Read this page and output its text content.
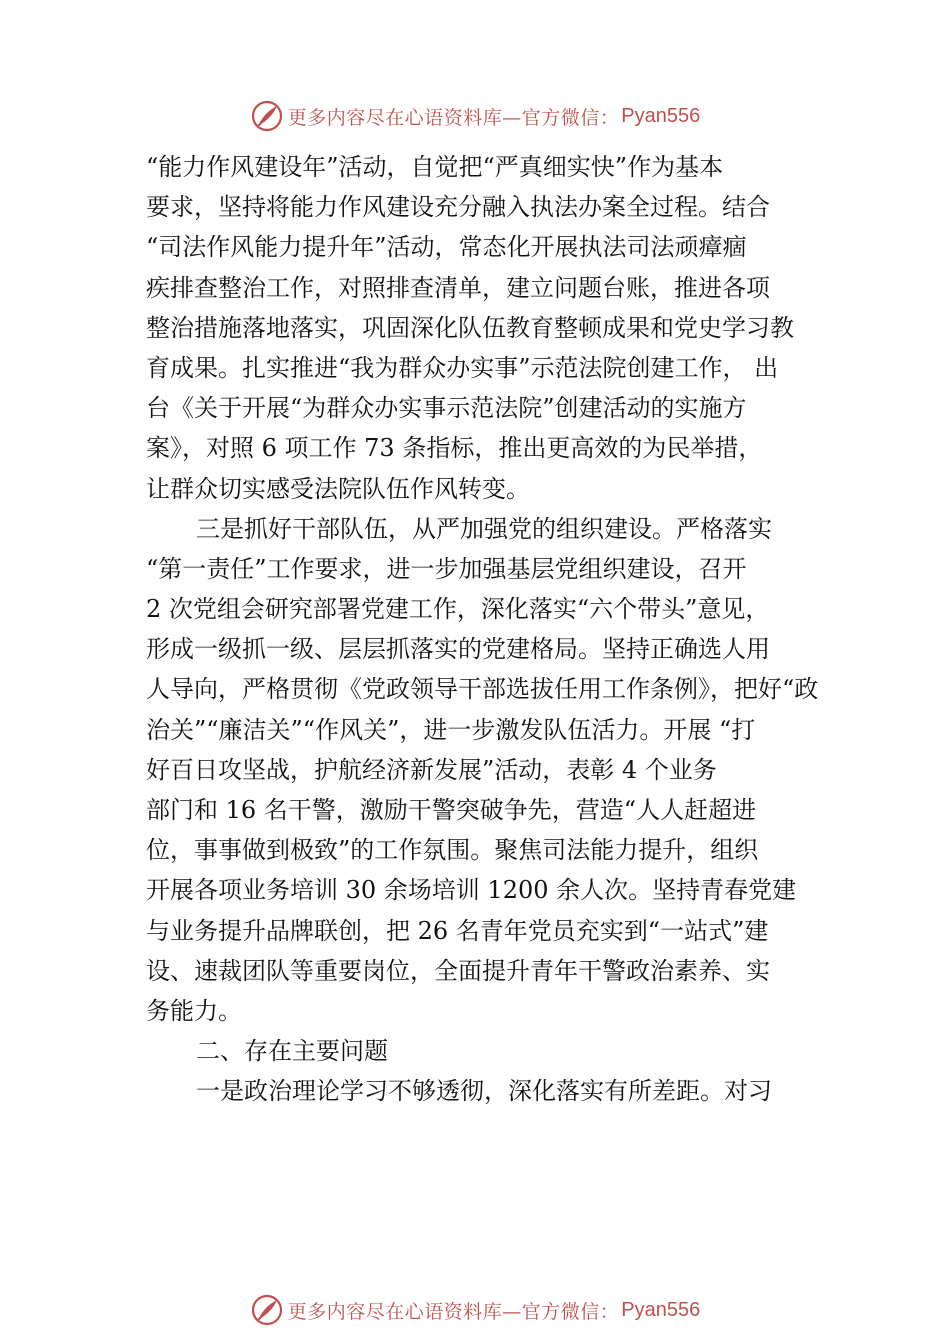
更多内容尽在心语资料库—官方微信： Pyan556
“能力作风建设年”活动，自觉把“严真细实快”作为基本
要求，坚持将能力作风建设充分融入执法办案全过程。结合
“司法作风能力提升年”活动，常态化开展执法司法顽瘴痼
疾排查整治工作，对照排查清单，建立问题台账，推进各项
整治措施落地落实，巩固深化队伍教育整顿成果和党史学习教
育成果。扎实推进“我为群众办实事”示范法院创建工作， 出
台《关于开展“为群众办实事示范法院”创建活动的实施方
案》，对照 6 项工作 73 条指标，推出更高效的为民举措，
让群众切实感受法院队伍作风转变。
三是抓好干部队伍，从严加强党的组织建设。严格落实
“第一责任”工作要求，进一步加强基层党组织建设，召开
2 次党组会研究部署党建工作，深化落实“六个带头”意见，
形成一级抓一级、层层抓落实的党建格局。坚持正确选人用
人导向，严格贯彻《党政领导干部选拔任用工作条例》，把好“政
治关”“廉洁关”“作风关”，进一步激发队伍活力。开展 “打
好百日攻坚战，护航经济新发展”活动，表彰 4 个业务
部门和 16 名干警，激励干警突破争先，营造“人人赶超进
位，事事做到极致”的工作氛围。聚焦司法能力提升，组织
开展各项业务培训 30 余场培训 1200 余人次。坚持青春党建
与业务提升品牌联创，把 26 名青年党员充实到“一站式”建
设、速裁团队等重要岗位，全面提升青年干警政治素养、实
务能力。
二、存在主要问题
一是政治理论学习不够透彻，深化落实有所差距。对习
更多内容尽在心语资料库—官方微信： Pyan556
